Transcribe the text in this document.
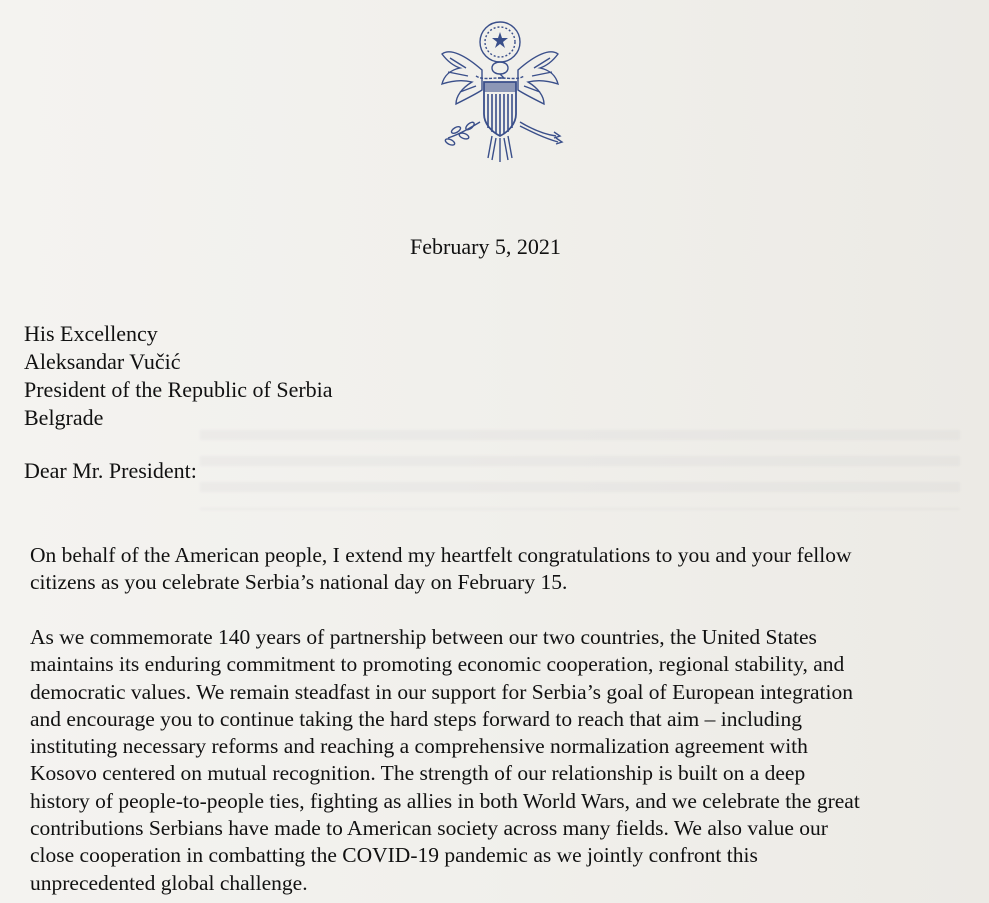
February 5, 2021
His Excellency
Aleksandar Vučić
President of the Republic of Serbia
Belgrade
Dear Mr. President:
On behalf of the American people, I extend my heartfelt congratulations to you and your fellow
citizens as you celebrate Serbia’s national day on February 15.
As we commemorate 140 years of partnership between our two countries, the United States
maintains its enduring commitment to promoting economic cooperation, regional stability, and
democratic values. We remain steadfast in our support for Serbia’s goal of European integration
and encourage you to continue taking the hard steps forward to reach that aim – including
instituting necessary reforms and reaching a comprehensive normalization agreement with
Kosovo centered on mutual recognition. The strength of our relationship is built on a deep
history of people-to-people ties, fighting as allies in both World Wars, and we celebrate the great
contributions Serbians have made to American society across many fields. We also value our
close cooperation in combatting the COVID-19 pandemic as we jointly confront this
unprecedented global challenge.
